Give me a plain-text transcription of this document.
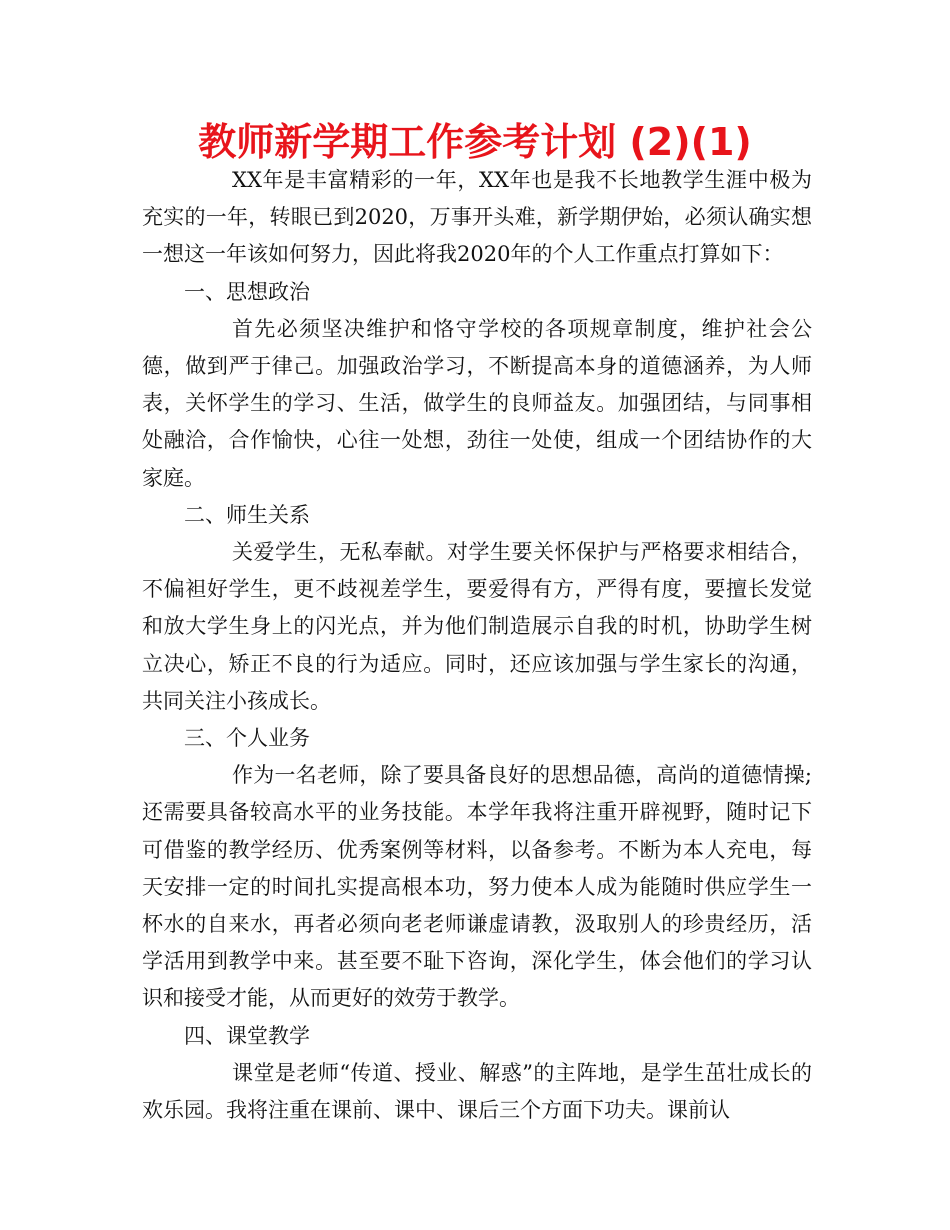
教师新学期工作参考计划 (2)(1)

XX年是丰富精彩的一年，XX年也是我不长地教学生涯中极为充实的一年，转眼已到2020，万事开头难，新学期伊始，必须认确实想一想这一年该如何努力，因此将我2020年的个人工作重点打算如下：

一、思想政治

首先必须坚决维护和恪守学校的各项规章制度，维护社会公德，做到严于律己。加强政治学习，不断提高本身的道德涵养，为人师表，关怀学生的学习、生活，做学生的良师益友。加强团结，与同事相处融洽，合作愉快，心往一处想，劲往一处使，组成一个团结协作的大家庭。

二、师生关系

关爱学生，无私奉献。对学生要关怀保护与严格要求相结合，不偏袒好学生，更不歧视差学生，要爱得有方，严得有度，要擅长发觉和放大学生身上的闪光点，并为他们制造展示自我的时机，协助学生树立决心，矫正不良的行为适应。同时，还应该加强与学生家长的沟通，共同关注小孩成长。

三、个人业务

作为一名老师，除了要具备良好的思想品德，高尚的道德情操;还需要具备较高水平的业务技能。本学年我将注重开辟视野，随时记下可借鉴的教学经历、优秀案例等材料，以备参考。不断为本人充电，每天安排一定的时间扎实提高根本功，努力使本人成为能随时供应学生一杯水的自来水，再者必须向老老师谦虚请教，汲取别人的珍贵经历，活学活用到教学中来。甚至要不耻下咨询，深化学生，体会他们的学习认识和接受才能，从而更好的效劳于教学。

四、课堂教学

课堂是老师“传道、授业、解惑”的主阵地，是学生茁壮成长的欢乐园。我将注重在课前、课中、课后三个方面下功夫。课前认
